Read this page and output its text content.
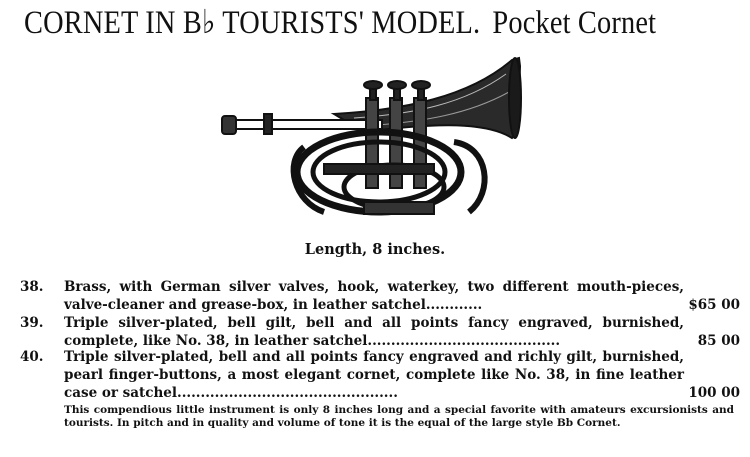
CORNET IN B♭ TOURISTS' MODEL. Pocket Cornet
Length, 8 inches.
38.	Brass, with German silver valves, hook, waterkey, two different mouth-pieces, valve-cleaner and grease-box, in leather satchel............	$65 00
39.	Triple silver-plated, bell gilt, bell and all points fancy engraved, burnished, complete, like No. 38, in leather satchel.........................................	85 00
40.	Triple silver-plated, bell and all points fancy engraved and richly gilt, burnished, pearl finger-buttons, a most elegant cornet, complete like No. 38, in fine leather case or satchel...............................................	100 00
This compendious little instrument is only 8 inches long and a special favorite with amateurs excursionists and tourists. In pitch and in quality and volume of tone it is the equal of the large style Bb Cornet.
